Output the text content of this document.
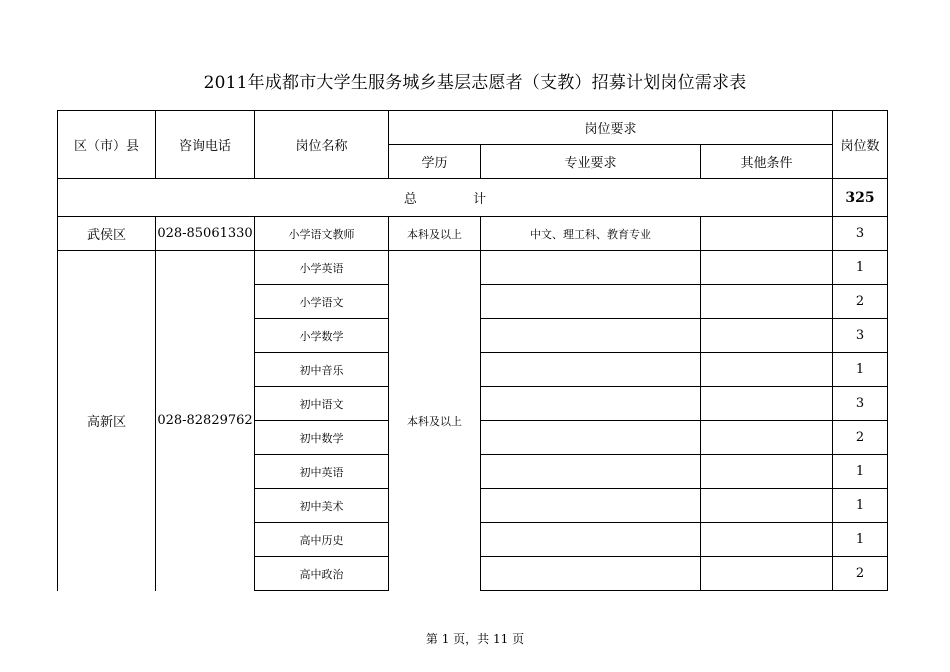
2011年成都市大学生服务城乡基层志愿者（支教）招募计划岗位需求表
区（市）县	咨询电话	岗位名称	岗位要求			岗位数
			学历	专业要求	其他条件	
总 计						325
武侯区	028-85061330	小学语文教师	本科及以上	中文、理工科、教育专业		3
高新区	028-82829762	小学英语	本科及以上			1
		小学语文				2
		小学数学				3
		初中音乐				1
		初中语文				3
		初中数学				2
		初中英语				1
		初中美术				1
		高中历史				1
		高中政治				2
第 1 页，共 11 页
